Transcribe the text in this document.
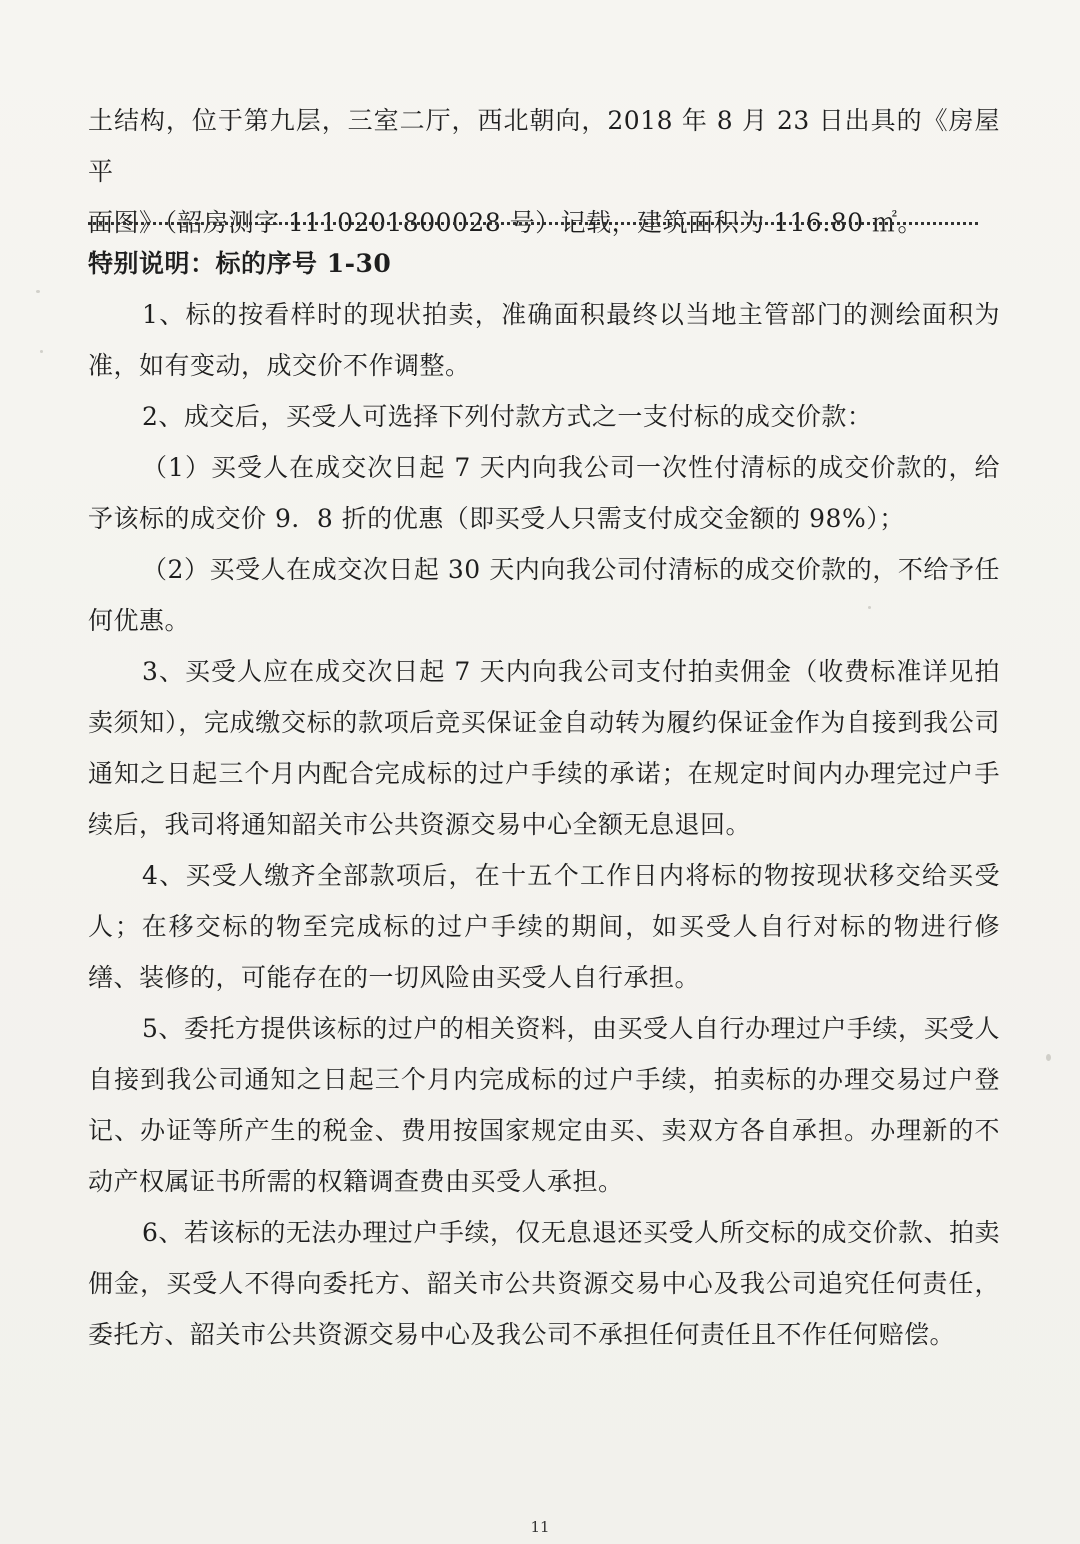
土结构，位于第九层，三室二厅，西北朝向，2018 年 8 月 23 日出具的《房屋平

面图》（韶房测字 1110201800028 号）记载，建筑面积为 116.80 ㎡。

特别说明：标的序号 1-30

1、标的按看样时的现状拍卖，准确面积最终以当地主管部门的测绘面积为准，如有变动，成交价不作调整。

2、成交后，买受人可选择下列付款方式之一支付标的成交价款：

（1）买受人在成交次日起 7 天内向我公司一次性付清标的成交价款的，给予该标的成交价 9．8 折的优惠（即买受人只需支付成交金额的 98%）；

（2）买受人在成交次日起 30 天内向我公司付清标的成交价款的，不给予任何优惠。

3、买受人应在成交次日起 7 天内向我公司支付拍卖佣金（收费标准详见拍卖须知），完成缴交标的款项后竞买保证金自动转为履约保证金作为自接到我公司通知之日起三个月内配合完成标的过户手续的承诺；在规定时间内办理完过户手续后，我司将通知韶关市公共资源交易中心全额无息退回。

4、买受人缴齐全部款项后，在十五个工作日内将标的物按现状移交给买受人；在移交标的物至完成标的过户手续的期间，如买受人自行对标的物进行修缮、装修的，可能存在的一切风险由买受人自行承担。

5、委托方提供该标的过户的相关资料，由买受人自行办理过户手续，买受人自接到我公司通知之日起三个月内完成标的过户手续，拍卖标的办理交易过户登记、办证等所产生的税金、费用按国家规定由买、卖双方各自承担。办理新的不动产权属证书所需的权籍调查费由买受人承担。

6、若该标的无法办理过户手续，仅无息退还买受人所交标的成交价款、拍卖佣金，买受人不得向委托方、韶关市公共资源交易中心及我公司追究任何责任，委托方、韶关市公共资源交易中心及我公司不承担任何责任且不作任何赔偿。

11
